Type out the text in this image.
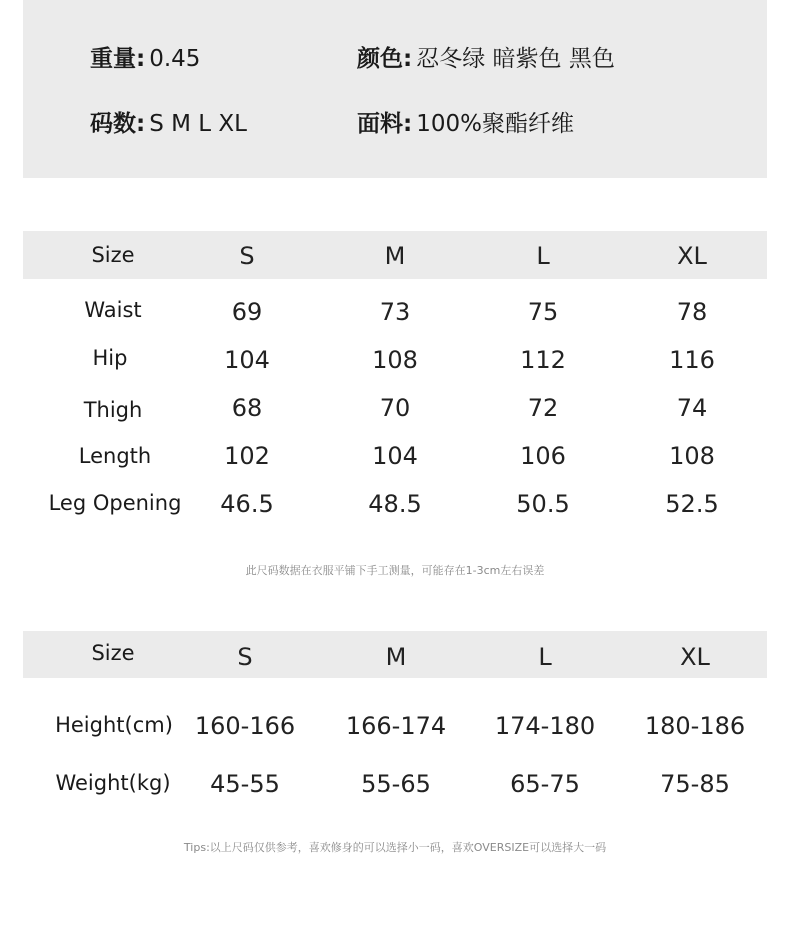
重量: 0.45	颜色: 忍冬绿 暗紫色 黑色
码数: S M L XL	面料: 100%聚酯纤维
Size	S	M	L	XL
Waist	69	73	75	78
Hip	104	108	112	116
Thigh	68	70	72	74
Length	102	104	106	108
Leg Opening 46.5	48.5	50.5	52.5
此尺码数据在衣服平铺下手工测量，可能存在1-3cm左右误差
Size	S	M	L	XL
Height(cm) 160-166 166-174 174-180 180-186
Weight(kg) 45-55	55-65	65-75	75-85
Tips:以上尺码仅供参考，喜欢修身的可以选择小一码，喜欢OVERSIZE可以选择大一码
